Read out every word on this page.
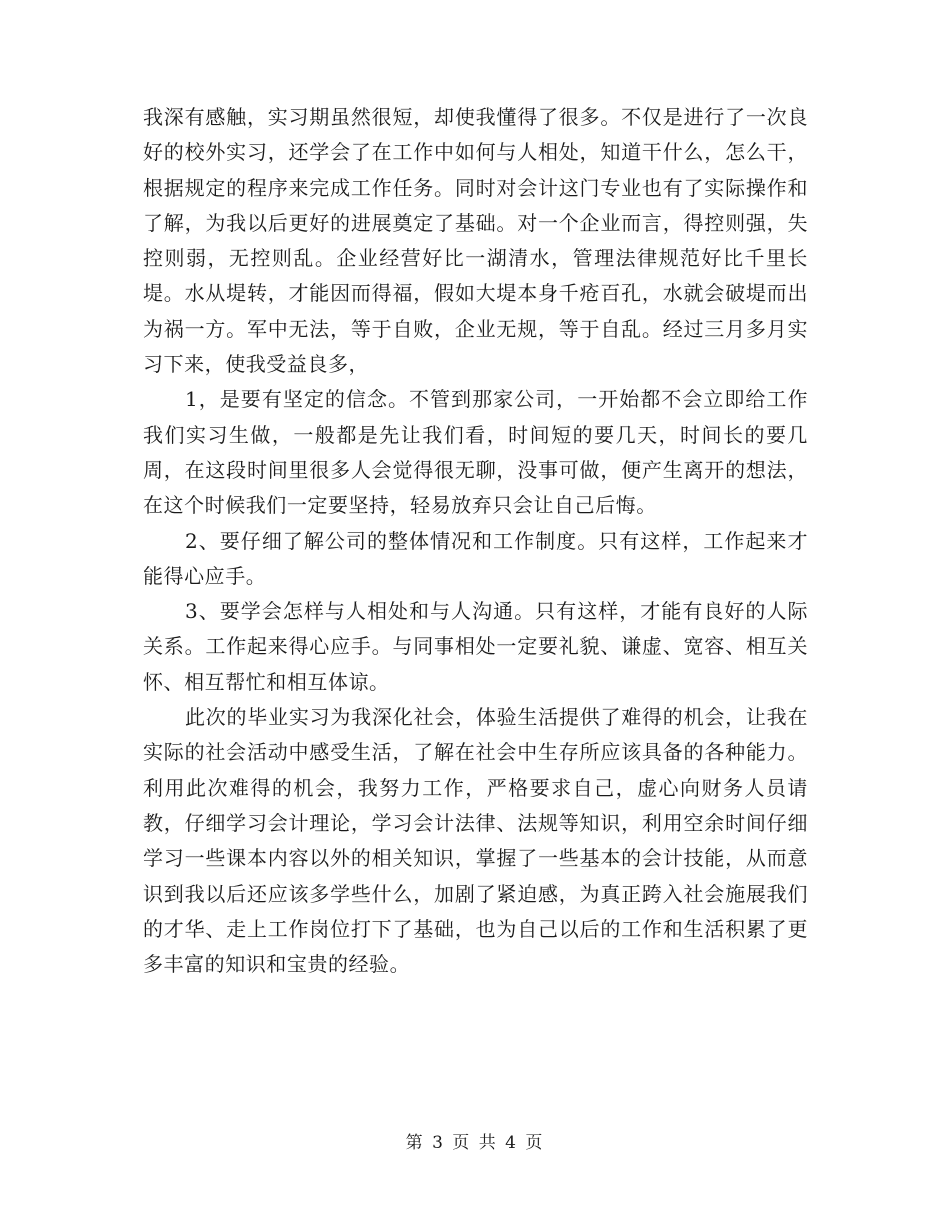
我深有感触，实习期虽然很短，却使我懂得了很多。不仅是进行了一次良好的校外实习，还学会了在工作中如何与人相处，知道干什么，怎么干，根据规定的程序来完成工作任务。同时对会计这门专业也有了实际操作和了解，为我以后更好的进展奠定了基础。对一个企业而言，得控则强，失控则弱，无控则乱。企业经营好比一湖清水，管理法律规范好比千里长堤。水从堤转，才能因而得福，假如大堤本身千疮百孔，水就会破堤而出为祸一方。军中无法，等于自败，企业无规，等于自乱。经过三月多月实习下来，使我受益良多，

1，是要有坚定的信念。不管到那家公司，一开始都不会立即给工作我们实习生做，一般都是先让我们看，时间短的要几天，时间长的要几周，在这段时间里很多人会觉得很无聊，没事可做，便产生离开的想法，在这个时候我们一定要坚持，轻易放弃只会让自己后悔。

2、要仔细了解公司的整体情况和工作制度。只有这样，工作起来才能得心应手。

3、要学会怎样与人相处和与人沟通。只有这样，才能有良好的人际关系。工作起来得心应手。与同事相处一定要礼貌、谦虚、宽容、相互关怀、相互帮忙和相互体谅。

此次的毕业实习为我深化社会，体验生活提供了难得的机会，让我在实际的社会活动中感受生活，了解在社会中生存所应该具备的各种能力。利用此次难得的机会，我努力工作，严格要求自己，虚心向财务人员请教，仔细学习会计理论，学习会计法律、法规等知识，利用空余时间仔细学习一些课本内容以外的相关知识，掌握了一些基本的会计技能，从而意识到我以后还应该多学些什么，加剧了紧迫感，为真正跨入社会施展我们的才华、走上工作岗位打下了基础，也为自己以后的工作和生活积累了更多丰富的知识和宝贵的经验。

第 3 页 共 4 页
